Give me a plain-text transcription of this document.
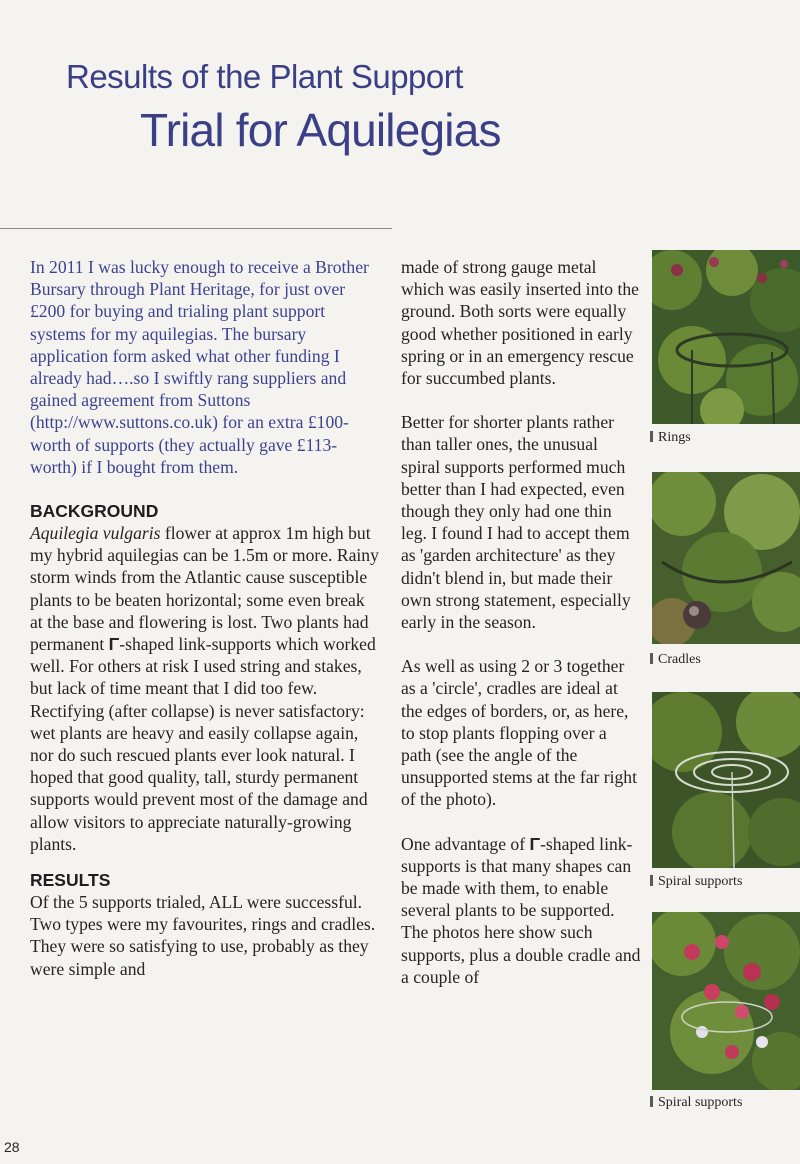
Results of the Plant Support
Trial for Aquilegias

In 2011 I was lucky enough to receive a Brother Bursary through Plant Heritage, for just over £200 for buying and trialing plant support systems for my aquilegias. The bursary application form asked what other funding I already had….so I swiftly rang suppliers and gained agreement from Suttons (http://www.suttons.co.uk) for an extra £100-worth of supports (they actually gave £113-worth) if I bought from them.

BACKGROUND

Aquilegia vulgaris flower at approx 1m high but my hybrid aquilegias can be 1.5m or more. Rainy storm winds from the Atlantic cause susceptible plants to be beaten horizontal; some even break at the base and flowering is lost. Two plants had permanent Γ-shaped link-supports which worked well. For others at risk I used string and stakes, but lack of time meant that I did too few.

Rectifying (after collapse) is never satisfactory: wet plants are heavy and easily collapse again, nor do such rescued plants ever look natural. I hoped that good quality, tall, sturdy permanent supports would prevent most of the damage and allow visitors to appreciate naturally-growing plants.

RESULTS

Of the 5 supports trialed, ALL were successful. Two types were my favourites, rings and cradles. They were so satisfying to use, probably as they were simple and

made of strong gauge metal which was easily inserted into the ground. Both sorts were equally good whether positioned in early spring or in an emergency rescue for succumbed plants.

Better for shorter plants rather than taller ones, the unusual spiral supports performed much better than I had expected, even though they only had one thin leg. I found I had to accept them as 'garden architecture' as they didn't blend in, but made their own strong statement, especially early in the season.

As well as using 2 or 3 together as a 'circle', cradles are ideal at the edges of borders, or, as here, to stop plants flopping over a path (see the angle of the unsupported stems at the far right of the photo).

One advantage of Γ-shaped link-supports is that many shapes can be made with them, to enable several plants to be supported. The photos here show such supports, plus a double cradle and a couple of

Rings
Cradles
Spiral supports
Spiral supports
28
